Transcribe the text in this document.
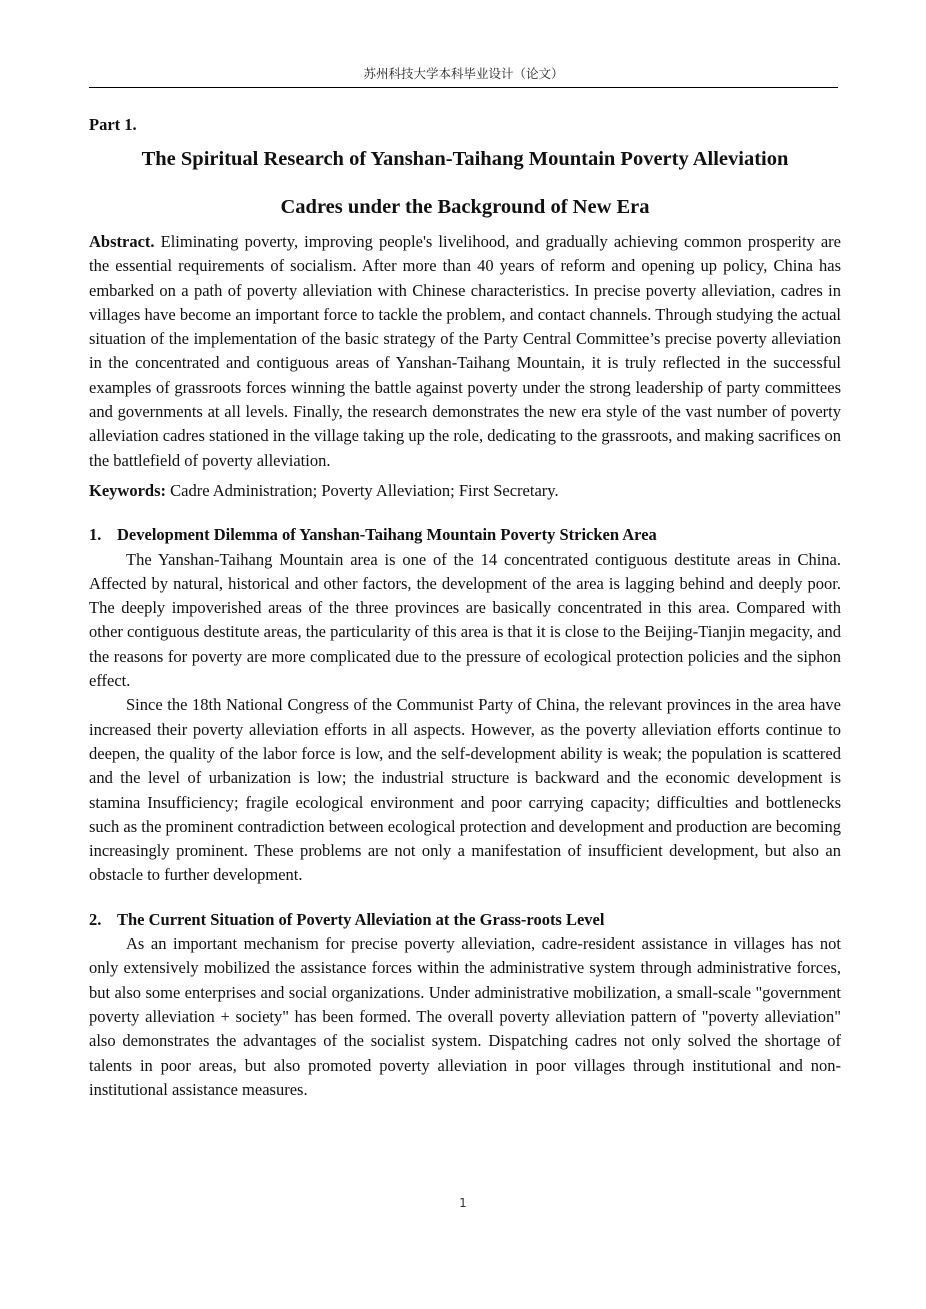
苏州科技大学本科毕业设计（论文）
Part 1.
The Spiritual Research of Yanshan-Taihang Mountain Poverty Alleviation
Cadres under the Background of New Era

Abstract. Eliminating poverty, improving people's livelihood, and gradually achieving common prosperity are the essential requirements of socialism. After more than 40 years of reform and opening up policy, China has embarked on a path of poverty alleviation with Chinese characteristics. In precise poverty alleviation, cadres in villages have become an important force to tackle the problem, and contact channels. Through studying the actual situation of the implementation of the basic strategy of the Party Central Committee’s precise poverty alleviation in the concentrated and contiguous areas of Yanshan-Taihang Mountain, it is truly reflected in the successful examples of grassroots forces winning the battle against poverty under the strong leadership of party committees and governments at all levels. Finally, the research demonstrates the new era style of the vast number of poverty alleviation cadres stationed in the village taking up the role, dedicating to the grassroots, and making sacrifices on the battlefield of poverty alleviation.

Keywords: Cadre Administration; Poverty Alleviation; First Secretary.

1. Development Dilemma of Yanshan-Taihang Mountain Poverty Stricken Area

The Yanshan-Taihang Mountain area is one of the 14 concentrated contiguous destitute areas in China. Affected by natural, historical and other factors, the development of the area is lagging behind and deeply poor. The deeply impoverished areas of the three provinces are basically concentrated in this area. Compared with other contiguous destitute areas, the particularity of this area is that it is close to the Beijing-Tianjin megacity, and the reasons for poverty are more complicated due to the pressure of ecological protection policies and the siphon effect.

Since the 18th National Congress of the Communist Party of China, the relevant provinces in the area have increased their poverty alleviation efforts in all aspects. However, as the poverty alleviation efforts continue to deepen, the quality of the labor force is low, and the self-development ability is weak; the population is scattered and the level of urbanization is low; the industrial structure is backward and the economic development is stamina Insufficiency; fragile ecological environment and poor carrying capacity; difficulties and bottlenecks such as the prominent contradiction between ecological protection and development and production are becoming increasingly prominent. These problems are not only a manifestation of insufficient development, but also an obstacle to further development.

2. The Current Situation of Poverty Alleviation at the Grass-roots Level

As an important mechanism for precise poverty alleviation, cadre-resident assistance in villages has not only extensively mobilized the assistance forces within the administrative system through administrative forces, but also some enterprises and social organizations. Under administrative mobilization, a small-scale "government poverty alleviation + society" has been formed. The overall poverty alleviation pattern of "poverty alleviation" also demonstrates the advantages of the socialist system. Dispatching cadres not only solved the shortage of talents in poor areas, but also promoted poverty alleviation in poor villages through institutional and non-institutional assistance measures.

1
